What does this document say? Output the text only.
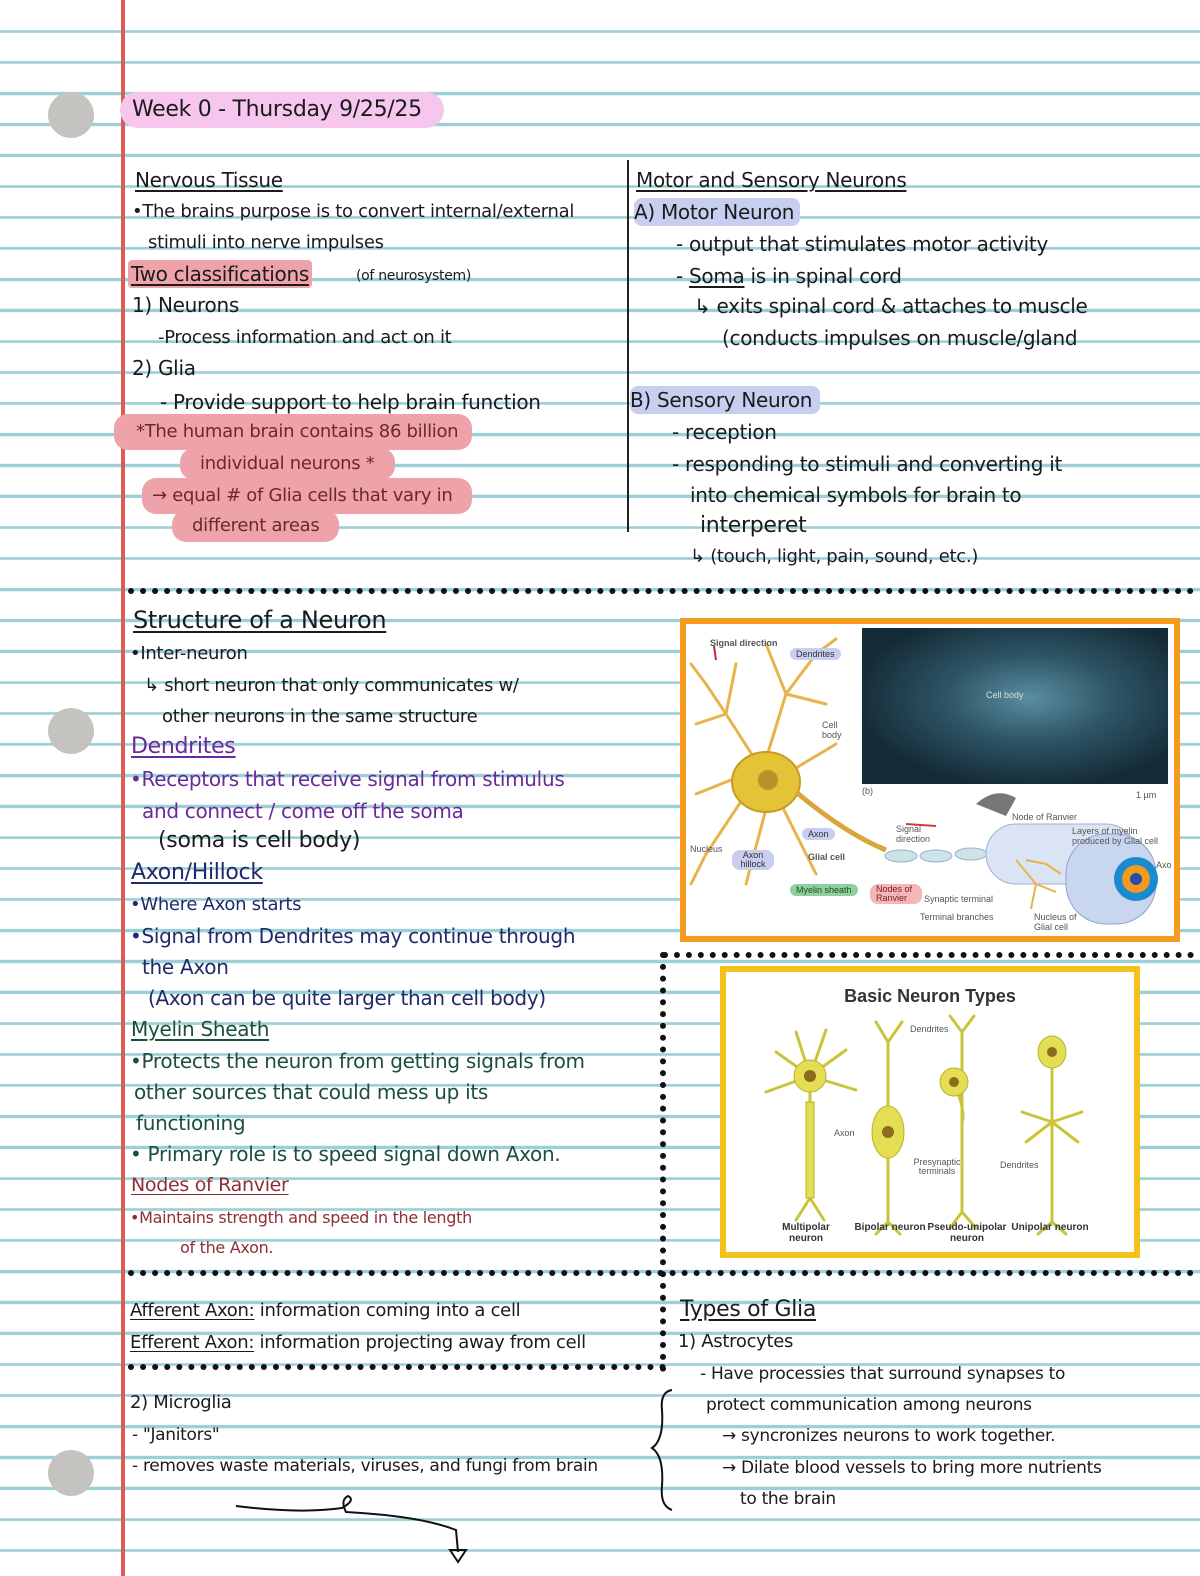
Week 0 - Thursday 9/25/25
Nervous Tissue
•The brains purpose is to convert internal/external
stimuli into nerve impulses
Two classifications	(of neurosystem)
1) Neurons
-Process information and act on it
2) Glia
- Provide support to help brain function
*The human brain contains 86 billion
individual neurons *
→ equal # of Glia cells that vary in
different areas
Motor and Sensory Neurons
A) Motor Neuron
- output that stimulates motor activity
- Soma is in spinal cord
↳ exits spinal cord & attaches to muscle
(conducts impulses on muscle/gland
B) Sensory Neuron
- reception
- responding to stimuli and converting it
into chemical symbols for brain to
interperet
↳ (touch, light, pain, sound, etc.)
Structure of a Neuron
•Inter-neuron
↳ short neuron that only communicates w/
other neurons in the same structure
Dendrites
•Receptors that receive signal from stimulus
and connect / come off the soma
(soma is cell body)
Axon/Hillock
•Where Axon starts
•Signal from Dendrites may continue through
the Axon
(Axon can be quite larger than cell body)
Myelin Sheath
•Protects the neuron from getting signals from
other sources that could mess up its
functioning
• Primary role is to speed signal down Axon.
Nodes of Ranvier
•Maintains strength and speed in the length
of the Axon.
Signal direction
Dendrites
Cell body
Cell body
(b)	1 µm
Node of Ranvier
Layers of myelin produced by Glial cell
Signal direction
Axon
Nucleus
Axon hillock
Glial cell
Myelin sheath	Nodes of Ranvier	Synaptic terminal
Terminal branches	Nucleus of Glial cell
Axo
Basic Neuron Types
Dendrites
Axon
Presynaptic terminals
Dendrites
Multipolar neuron
Bipolar neuron Pseudo-unipolar neuron
Unipolar neuron
Afferent Axon: information coming into a cell
Efferent Axon: information projecting away from cell
Types of Glia
1) Astrocytes
- Have processies that surround synapses to
protect communication among neurons
→ syncronizes neurons to work together.
→ Dilate blood vessels to bring more nutrients
to the brain
2) Microglia
- "Janitors"
- removes waste materials, viruses, and fungi from brain
